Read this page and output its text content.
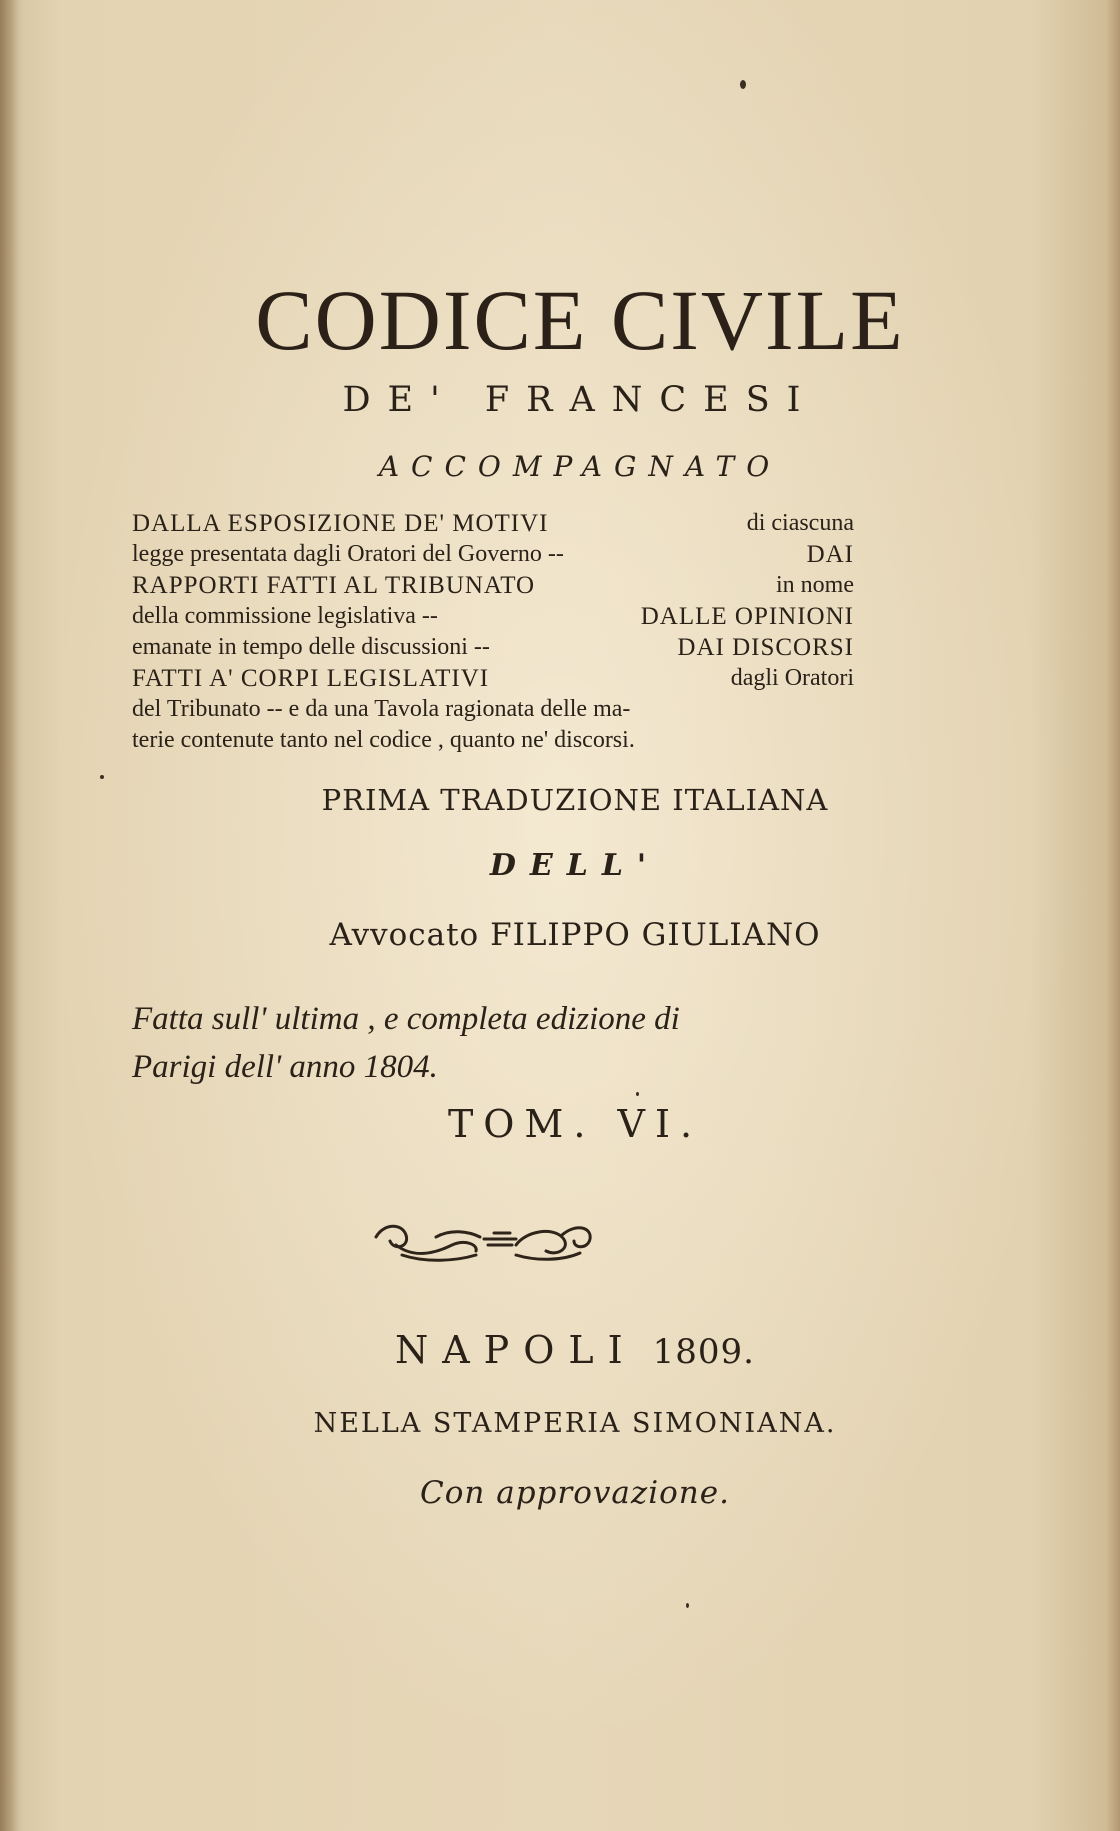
CODICE CIVILE
DE' FRANCESI
ACCOMPAGNATO
DALLA ESPOSIZIONE DE' MOTIVI	di ciascuna
legge presentata dagli Oratori del Governo --	DAI
RAPPORTI FATTI AL TRIBUNATO	in nome
della commissione legislativa --	DALLE OPINIONI
emanate in tempo delle discussioni --	DAI DISCORSI
FATTI A' CORPI LEGISLATIVI	dagli Oratori
del Tribunato -- e da una Tavola ragionata delle ma-
terie contenute tanto nel codice , quanto ne' discorsi.
PRIMA TRADUZIONE ITALIANA
DELL'
Avvocato FILIPPO GIULIANO
Fatta sull' ultima , e completa edizione di
Parigi dell' anno 1804.
TOM. VI.
NAPOLI 1809.
NELLA STAMPERIA SIMONIANA.
Con approvazione.
